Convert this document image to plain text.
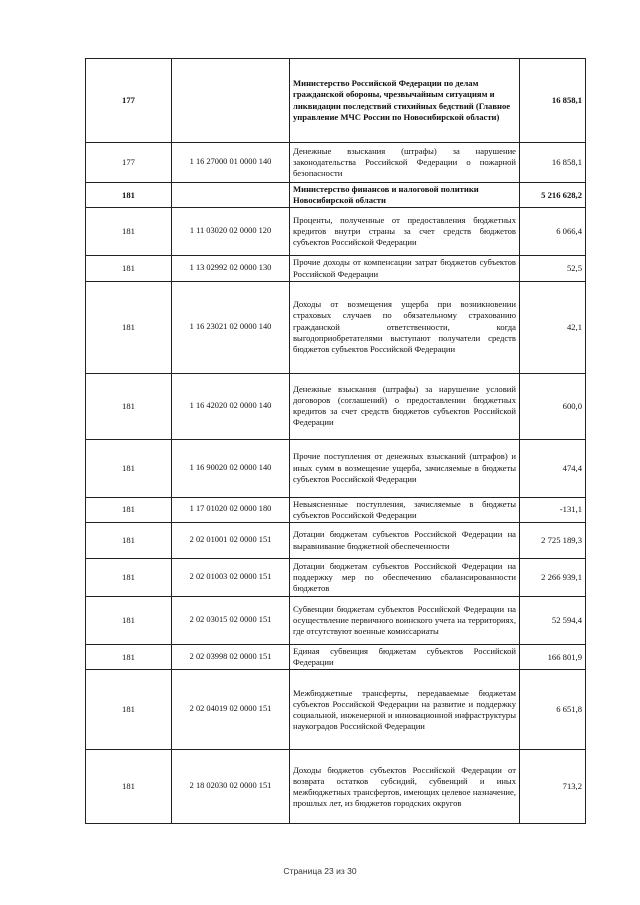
177		Министерство Российской Федерации по делам гражданской обороны, чрезвычайным ситуациям и ликвидации последствий стихийных бедствий (Главное управление МЧС России по Новосибирской области)	16 858,1
177	1 16 27000 01 0000 140	Денежные взыскания (штрафы) за нарушение законодательства Российской Федерации о пожарной безопасности	16 858,1
181		Министерство финансов и налоговой политики Новосибирской области	5 216 628,2
181	1 11 03020 02 0000 120	Проценты, полученные от предоставления бюджетных кредитов внутри страны за счет средств бюджетов субъектов Российской Федерации	6 066,4
181	1 13 02992 02 0000 130	Прочие доходы от компенсации затрат бюджетов субъектов Российской Федерации	52,5
181	1 16 23021 02 0000 140	Доходы от возмещения ущерба при возникновении страховых случаев по обязательному страхованию гражданской ответственности, когда выгодоприобретателями выступают получатели средств бюджетов субъектов Российской Федерации	42,1
181	1 16 42020 02 0000 140	Денежные взыскания (штрафы) за нарушение условий договоров (соглашений) о предоставлении бюджетных кредитов за счет средств бюджетов субъектов Российской Федерации	600,0
181	1 16 90020 02 0000 140	Прочие поступления от денежных взысканий (штрафов) и иных сумм в возмещение ущерба, зачисляемые в бюджеты субъектов Российской Федерации	474,4
181	1 17 01020 02 0000 180	Невыясненные поступления, зачисляемые в бюджеты субъектов Российской Федерации	-131,1
181	2 02 01001 02 0000 151	Дотации бюджетам субъектов Российской Федерации на выравнивание бюджетной обеспеченности	2 725 189,3
181	2 02 01003 02 0000 151	Дотации бюджетам субъектов Российской Федерации на поддержку мер по обеспечению сбалансированности бюджетов	2 266 939,1
181	2 02 03015 02 0000 151	Субвенции бюджетам субъектов Российской Федерации на осуществление первичного воинского учета на территориях, где отсутствуют военные комиссариаты	52 594,4
181	2 02 03998 02 0000 151	Единая субвенция бюджетам субъектов Российской Федерации	166 801,9
181	2 02 04019 02 0000 151	Межбюджетные трансферты, передаваемые бюджетам субъектов Российской Федерации на развитие и поддержку социальной, инженерной и инновационной инфраструктуры наукоградов Российской Федерации	6 651,8
181	2 18 02030 02 0000 151	Доходы бюджетов субъектов Российской Федерации от возврата остатков субсидий, субвенций и иных межбюджетных трансфертов, имеющих целевое назначение, прошлых лет, из бюджетов городских округов	713,2
Страница 23 из 30
